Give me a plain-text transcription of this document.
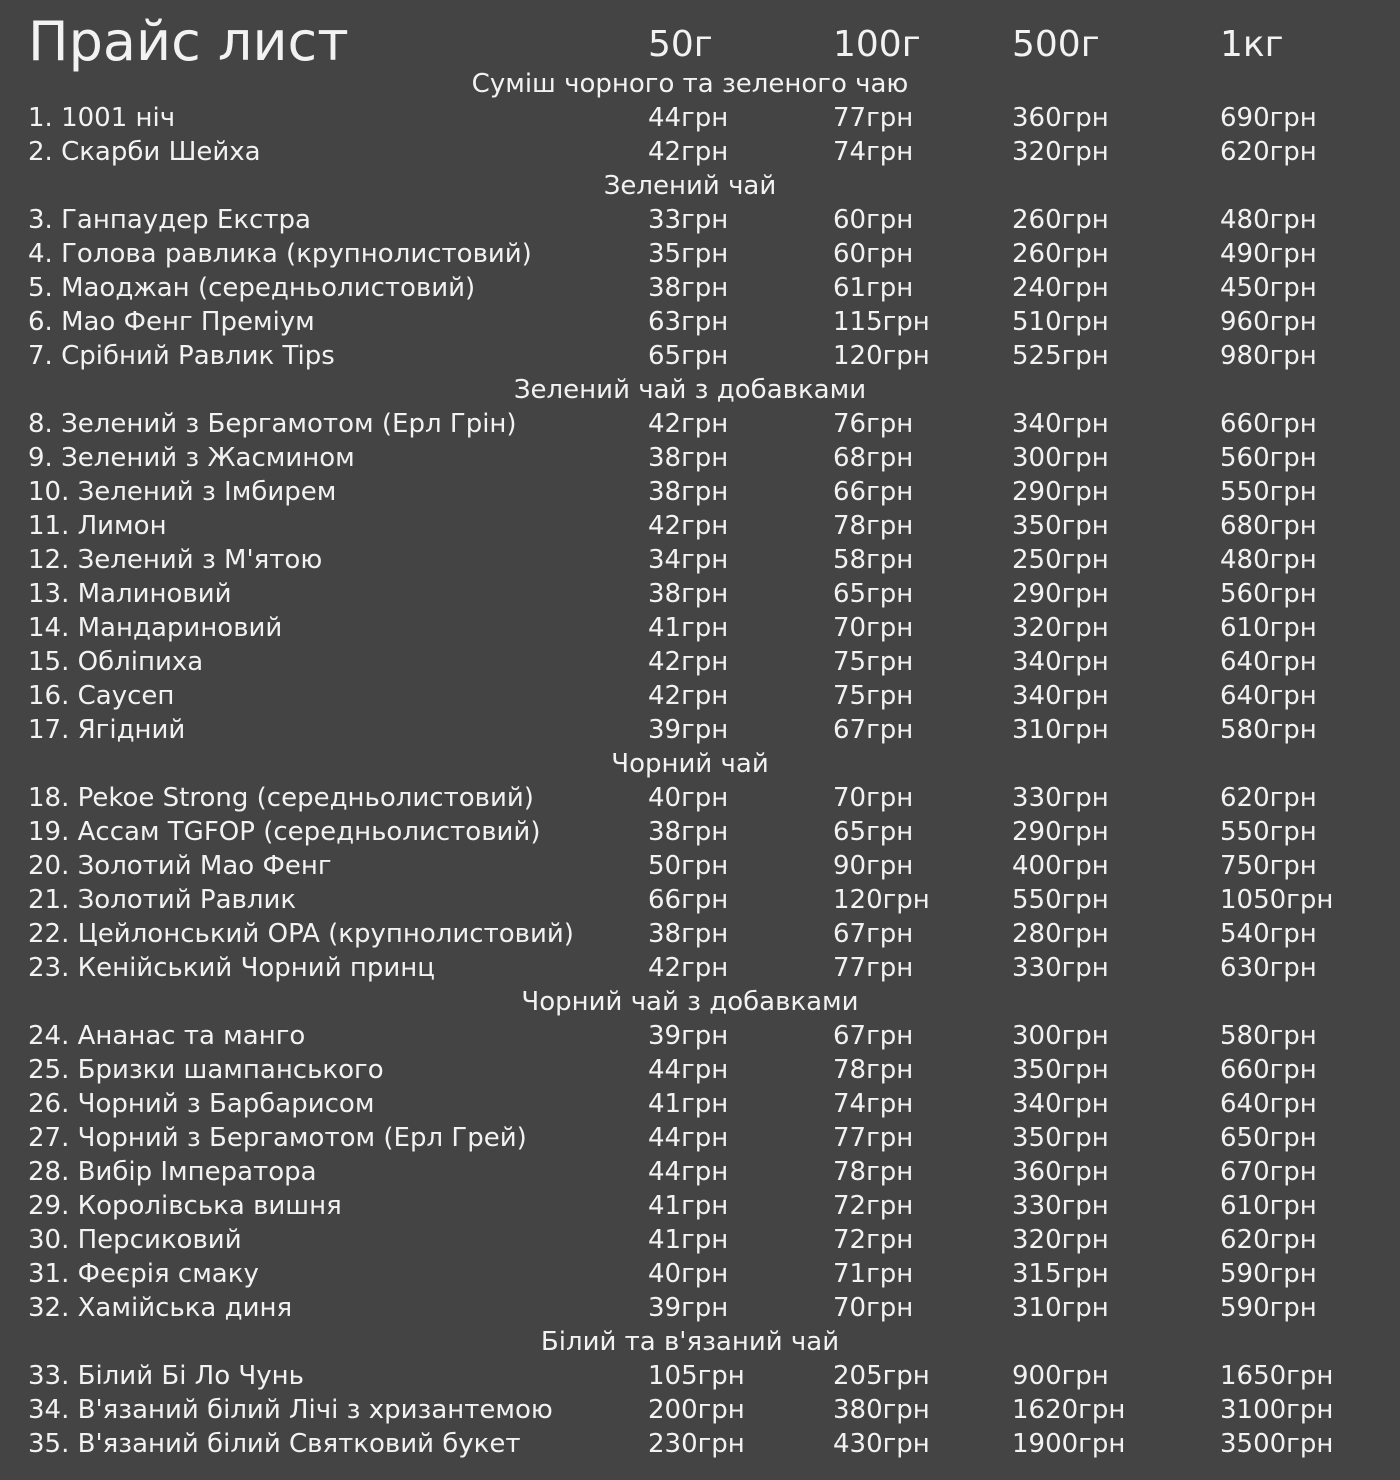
Прайс лист	50г	100г	500г	1кг
Суміш чорного та зеленого чаю
1. 1001 ніч	44грн	77грн	360грн	690грн
2. Скарби Шейха	42грн	74грн	320грн	620грн
Зелений чай
3. Ганпаудер Екстра	33грн	60грн	260грн	480грн
4. Голова равлика (крупнолистовий)	35грн	60грн	260грн	490грн
5. Маоджан (середньолистовий)	38грн	61грн	240грн	450грн
6. Мао Фенг Преміум	63грн	115грн	510грн	960грн
7. Срібний Равлик Tips	65грн	120грн	525грн	980грн
Зелений чай з добавками
8. Зелений з Бергамотом (Ерл Грін)	42грн	76грн	340грн	660грн
9. Зелений з Жасмином	38грн	68грн	300грн	560грн
10. Зелений з Імбирем	38грн	66грн	290грн	550грн
11. Лимон	42грн	78грн	350грн	680грн
12. Зелений з М'ятою	34грн	58грн	250грн	480грн
13. Малиновий	38грн	65грн	290грн	560грн
14. Мандариновий	41грн	70грн	320грн	610грн
15. Обліпиха	42грн	75грн	340грн	640грн
16. Саусеп	42грн	75грн	340грн	640грн
17. Ягідний	39грн	67грн	310грн	580грн
Чорний чай
18. Pekoe Strong (середньолистовий)	40грн	70грн	330грн	620грн
19. Ассам TGFOP (середньолистовий)	38грн	65грн	290грн	550грн
20. Золотий Мао Фенг	50грн	90грн	400грн	750грн
21. Золотий Равлик	66грн	120грн	550грн	1050грн
22. Цейлонський OPA (крупнолистовий)	38грн	67грн	280грн	540грн
23. Кенійський Чорний принц	42грн	77грн	330грн	630грн
Чорний чай з добавками
24. Ананас та манго	39грн	67грн	300грн	580грн
25. Бризки шампанського	44грн	78грн	350грн	660грн
26. Чорний з Барбарисом	41грн	74грн	340грн	640грн
27. Чорний з Бергамотом (Ерл Грей)	44грн	77грн	350грн	650грн
28. Вибір Імператора	44грн	78грн	360грн	670грн
29. Королівська вишня	41грн	72грн	330грн	610грн
30. Персиковий	41грн	72грн	320грн	620грн
31. Феєрія смаку	40грн	71грн	315грн	590грн
32. Хамійська диня	39грн	70грн	310грн	590грн
Білий та в'язаний чай
33. Білий Бі Ло Чунь	105грн	205грн	900грн	1650грн
34. В'язаний білий Лічі з хризантемою	200грн	380грн	1620грн	3100грн
35. В'язаний білий Святковий букет	230грн	430грн	1900грн	3500грн
